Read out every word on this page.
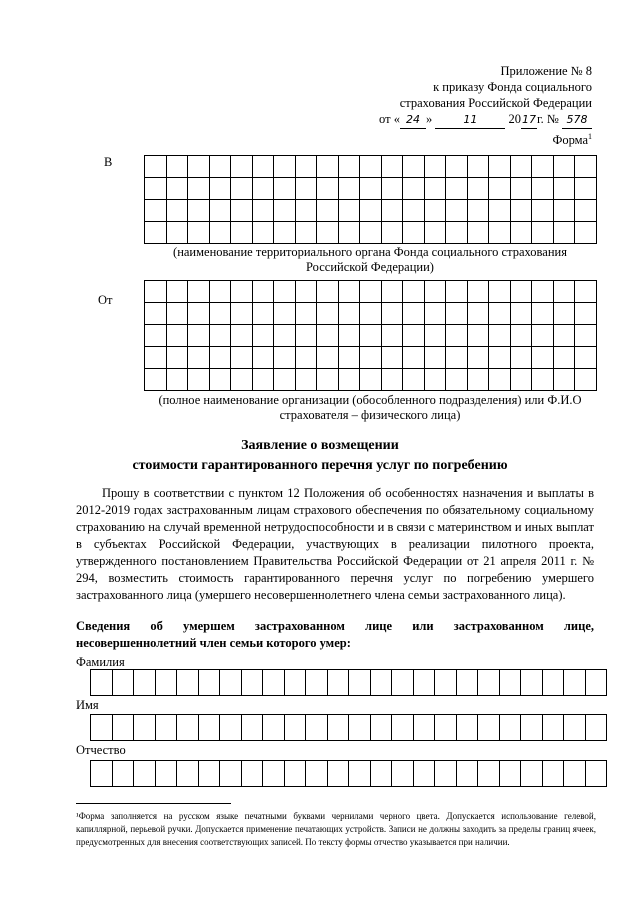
Приложение № 8
к приказу Фонда социального
страхования Российской Федерации
от « 24 »	11 2017г. № 578
Форма$^1$
В
(наименование территориального органа Фонда социального страхования
Российской Федерации)
От
(полное наименование организации (обособленного подразделения) или Ф.И.О
страхователя – физического лица)
Заявление о возмещении
стоимости гарантированного перечня услуг по погребению
Прошу в соответствии с пунктом 12 Положения об особенностях назначения и выплаты в 2012-2019 годах застрахованным лицам страхового обеспечения по обязательному социальному страхованию на случай временной нетрудоспособности и в связи с материнством и иных выплат в субъектах Российской Федерации, участвующих в реализации пилотного проекта, утвержденного постановлением Правительства Российской Федерации от 21 апреля 2011 г. № 294, возместить стоимость гарантированного перечня услуг по погребению умершего застрахованного лица (умершего несовершеннолетнего члена семьи застрахованного лица).
Сведения об умершем застрахованном лице или застрахованном лице, несовершеннолетний член семьи которого умер:
Фамилия
Имя
Отчество
¹Форма заполняется на русском языке печатными буквами чернилами черного цвета. Допускается использование гелевой, капиллярной, перьевой ручки. Допускается применение печатающих устройств. Записи не должны заходить за пределы границ ячеек, предусмотренных для внесения соответствующих записей. По тексту формы отчество указывается при наличии.
